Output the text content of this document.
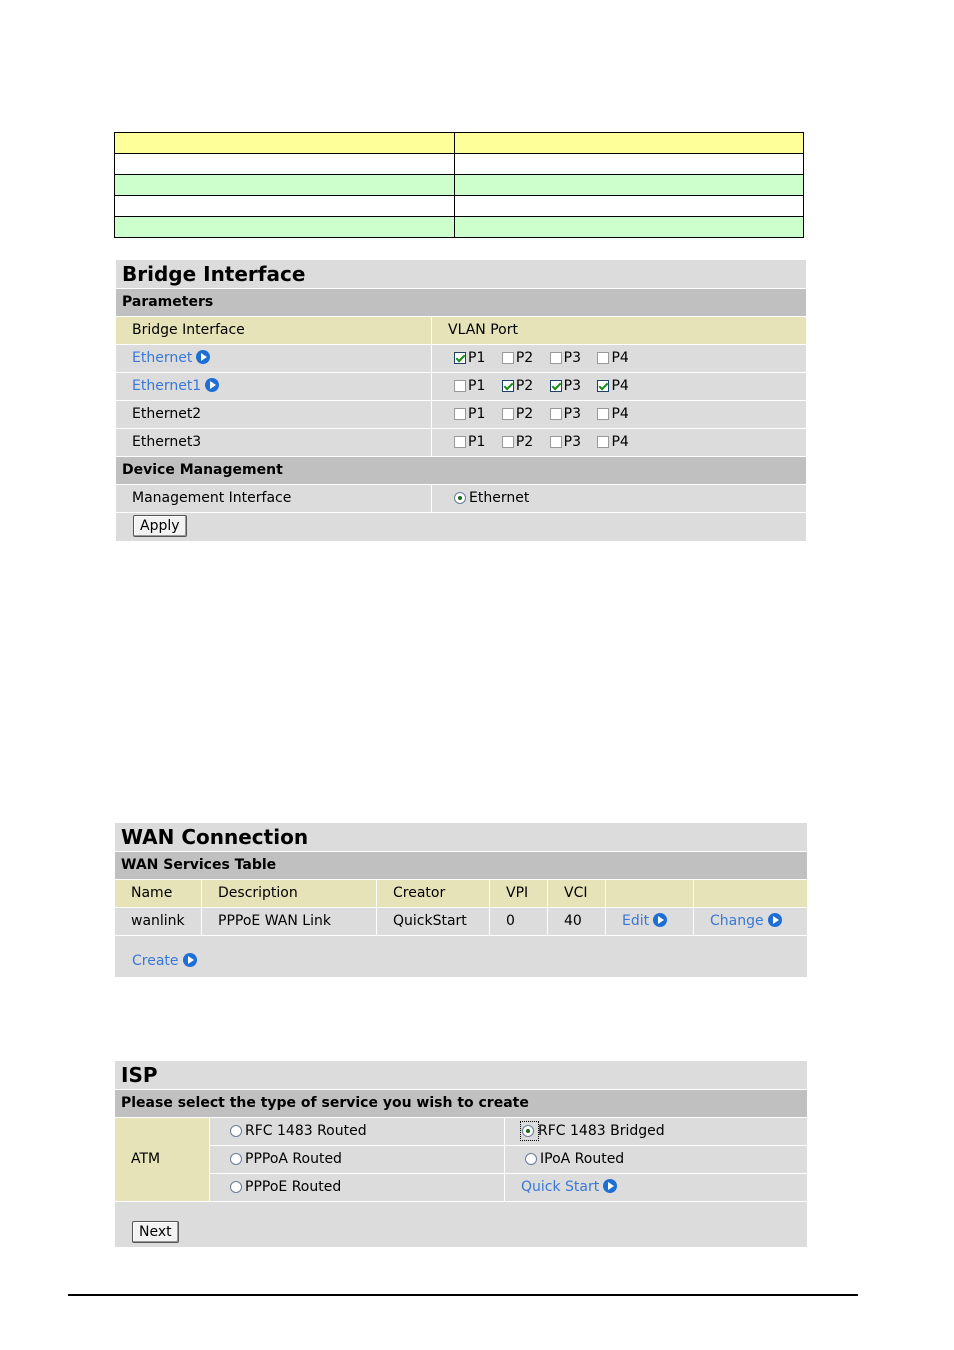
Bridge Interface
Parameters
Bridge Interface	VLAN Port
Ethernet	P1 P2 P3 P4
Ethernet1	P1 P2 P3 P4
Ethernet2	P1 P2 P3 P4
Ethernet3	P1 P2 P3 P4
Device Management
Management Interface	Ethernet
Apply
WAN Connection
WAN Services Table
Name	Description	Creator	VPI	VCI
wanlink	PPPoE WAN Link	QuickStart	0	40	Edit	Change
Create
ISP
Please select the type of service you wish to create
ATM
RFC 1483 Routed	RFC 1483 Bridged
PPPoA Routed	IPoA Routed
PPPoE Routed	Quick Start
Next
